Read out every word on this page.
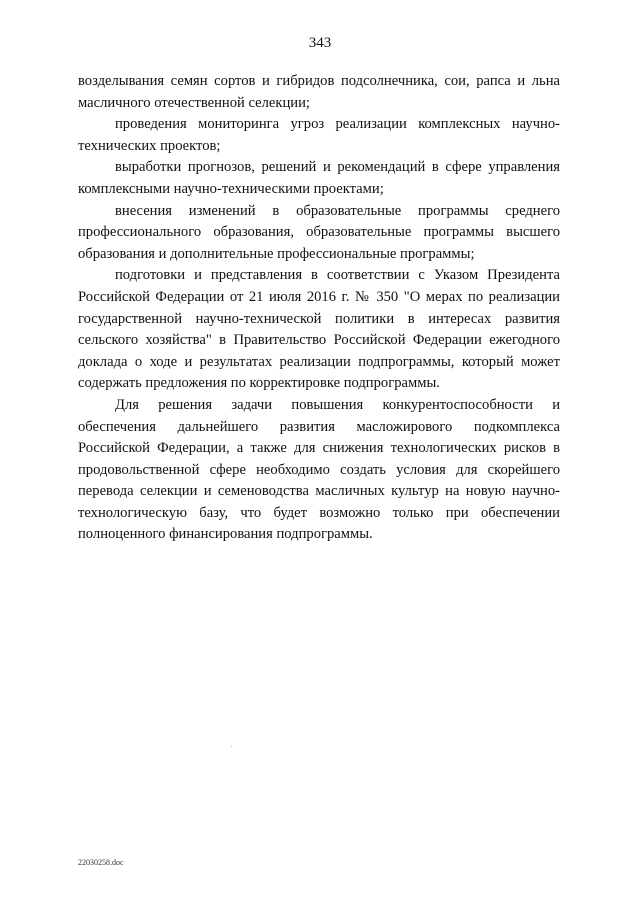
343

возделывания семян сортов и гибридов подсолнечника, сои, рапса и льна масличного отечественной селекции;

проведения мониторинга угроз реализации комплексных научно-технических проектов;

выработки прогнозов, решений и рекомендаций в сфере управления комплексными научно-техническими проектами;

внесения изменений в образовательные программы среднего профессионального образования, образовательные программы высшего образования и дополнительные профессиональные программы;

подготовки и представления в соответствии с Указом Президента Российской Федерации от 21 июля 2016 г. № 350 "О мерах по реализации государственной научно-технической политики в интересах развития сельского хозяйства" в Правительство Российской Федерации ежегодного доклада о ходе и результатах реализации подпрограммы, который может содержать предложения по корректировке подпрограммы.

Для решения задачи повышения конкурентоспособности и обеспечения дальнейшего развития масложирового подкомплекса Российской Федерации, а также для снижения технологических рисков в продовольственной сфере необходимо создать условия для скорейшего перевода селекции и семеноводства масличных культур на новую научно-технологическую базу, что будет возможно только при обеспечении полноценного финансирования подпрограммы.

22030258.doc
